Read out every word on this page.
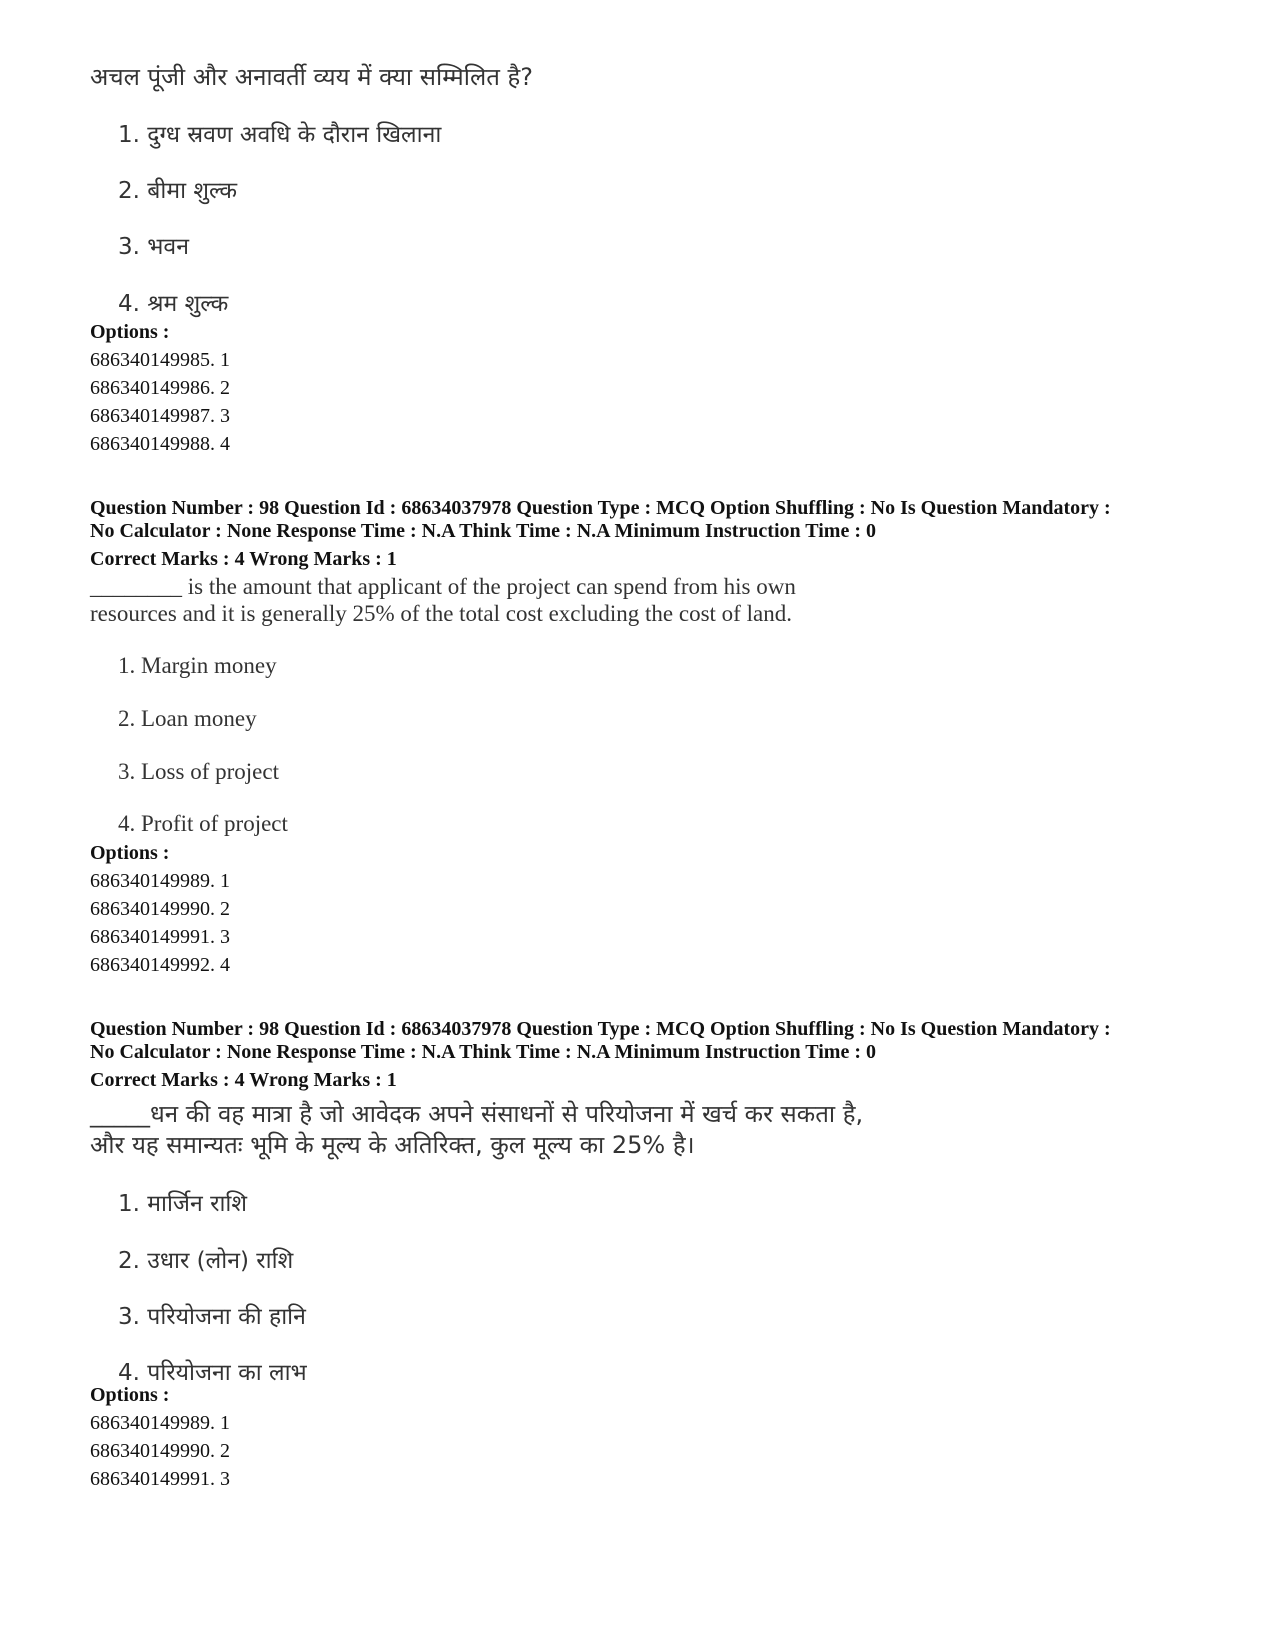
अचल पूंजी और अनावर्ती व्यय में क्या सम्मिलित है?
1. दुग्ध स्रवण अवधि के दौरान खिलाना
2. बीमा शुल्क
3. भवन
4. श्रम शुल्क
Options :
686340149985. 1
686340149986. 2
686340149987. 3
686340149988. 4
Question Number : 98 Question Id : 68634037978 Question Type : MCQ Option Shuffling : No Is Question Mandatory :
No Calculator : None Response Time : N.A Think Time : N.A Minimum Instruction Time : 0
Correct Marks : 4 Wrong Marks : 1
________ is the amount that applicant of the project can spend from his own
resources and it is generally 25% of the total cost excluding the cost of land.
1. Margin money
2. Loan money
3. Loss of project
4. Profit of project
Options :
686340149989. 1
686340149990. 2
686340149991. 3
686340149992. 4
Question Number : 98 Question Id : 68634037978 Question Type : MCQ Option Shuffling : No Is Question Mandatory :
No Calculator : None Response Time : N.A Think Time : N.A Minimum Instruction Time : 0
Correct Marks : 4 Wrong Marks : 1
_____धन की वह मात्रा है जो आवेदक अपने संसाधनों से परियोजना में खर्च कर सकता है,
और यह समान्यतः भूमि के मूल्य के अतिरिक्त, कुल मूल्य का 25% है।
1. मार्जिन राशि
2. उधार (लोन) राशि
3. परियोजना की हानि
4. परियोजना का लाभ
Options :
686340149989. 1
686340149990. 2
686340149991. 3
